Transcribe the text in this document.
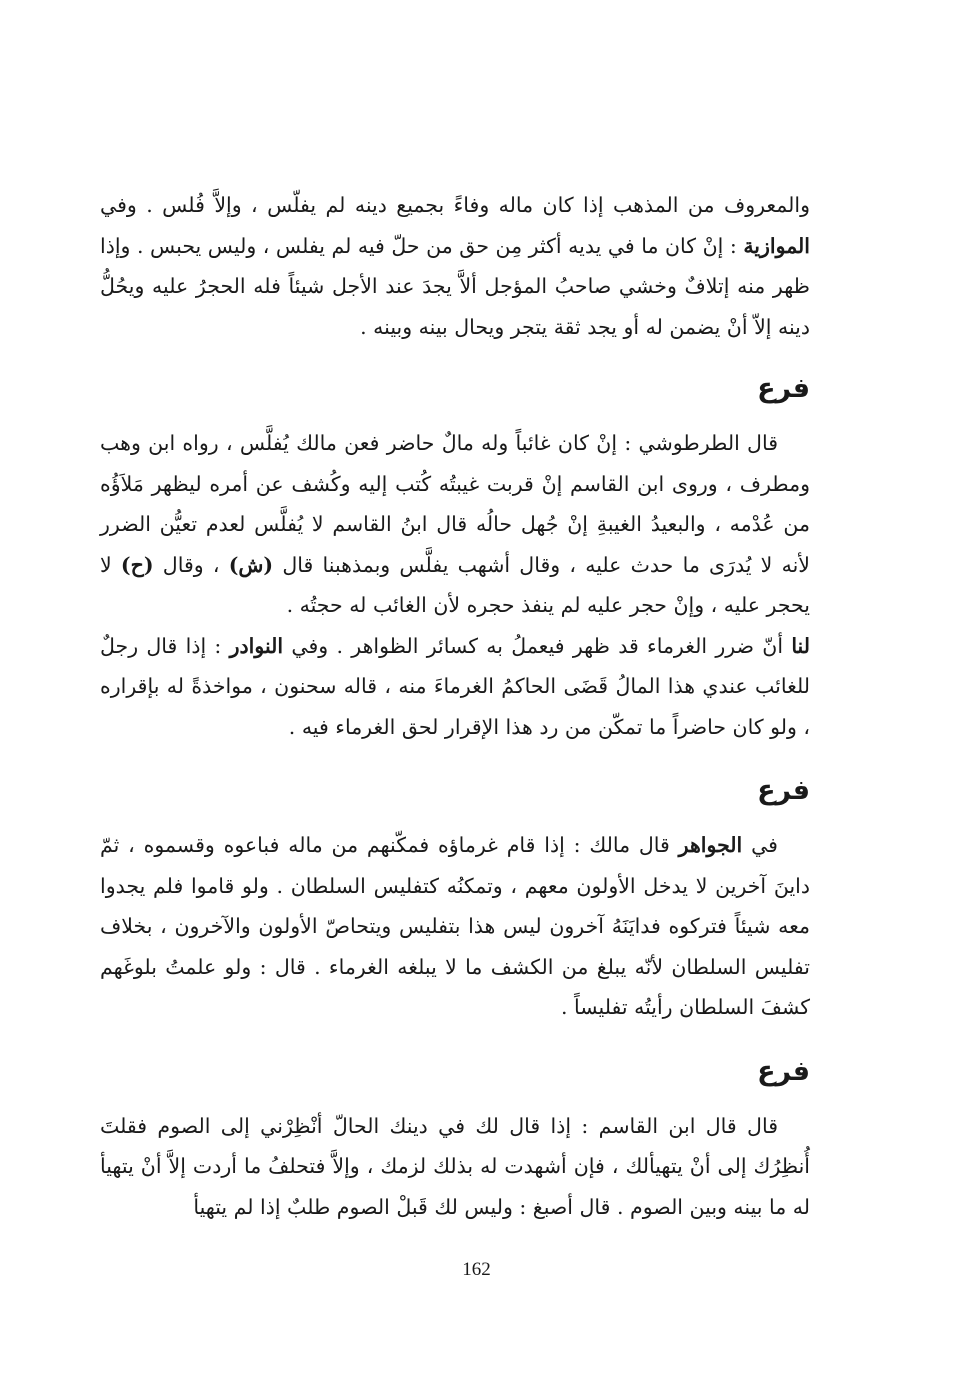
والمعروف من المذهب إذا كان ماله وفاءً بجميع دينه لم يفلّس ، وإلاَّ فُلس . وفي الموازية : إنْ كان ما في يديه أكثر مِن حق من حلّ فيه لم يفلس ، وليس يحبس . وإذا ظهر منه إتلافٌ وخشي صاحبُ المؤجل ألاَّ يجدَ عند الأجل شيئاً فله الحجرُ عليه ويحُلُّ دينه إلاّ أنْ يضمن له أو يجد ثقة يتجر ويحال بينه وبينه .

فرع

قال الطرطوشي : إنْ كان غائباً وله مالٌ حاضر فعن مالك يُفلَّس ، رواه ابن وهب ومطرف ، وروى ابن القاسم إنْ قربت غيبتُه كُتب إليه وكُشف عن أمره ليظهر مَلاَؤُه من عُدْمه ، والبعيدُ الغيبةِ إنْ جُهل حالُه قال ابنُ القاسم لا يُفلَّس لعدم تعيُّن الضرر لأنه لا يُدرَى ما حدث عليه ، وقال أشهب يفلَّس وبمذهبنا قال (ش) ، وقال (ح) لا يحجر عليه ، وإنْ حجر عليه لم ينفذ حجره لأن الغائب له حجتُه .

لنا أنّ ضرر الغرماء قد ظهر فيعملُ به كسائر الظواهر . وفي النوادر : إذا قال رجلٌ للغائب عندي هذا المالُ قَضَى الحاكمُ الغرماءَ منه ، قاله سحنون ، مواخذةً له بإقراره ، ولو كان حاضراً ما تمكّن من رد هذا الإقرار لحق الغرماء فيه .

فرع

في الجواهر قال مالك : إذا قام غرماؤه فمكّنهم من ماله فباعوه وقسموه ، ثمّ داينَ آخرين لا يدخل الأولون معهم ، وتمكنُه كتفليس السلطان . ولو قاموا فلم يجدوا معه شيئاً فتركوه فدايَنَهُ آخرون ليس هذا بتفليس ويتحاصّ الأولون والآخرون ، بخلاف تفليس السلطان لأنّه يبلغ من الكشف ما لا يبلغه الغرماء . قال : ولو علمتُ بلوغَهم كشفَ السلطان رأيتُه تفليساً .

فرع

قال قال ابن القاسم : إذا قال لك في دينك الحالّ أنْظِرْني إلى الصوم فقلتَ أُنظِرُك إلى أنْ يتهيألك ، فإن أشهدت له بذلك لزمك ، وإلاَّ فتحلفُ ما أردت إلاَّ أنْ يتهيأ له ما بينه وبين الصوم . قال أصبغ : وليس لك قَبلْ الصوم طلبٌ إذا لم يتهيأ

162
